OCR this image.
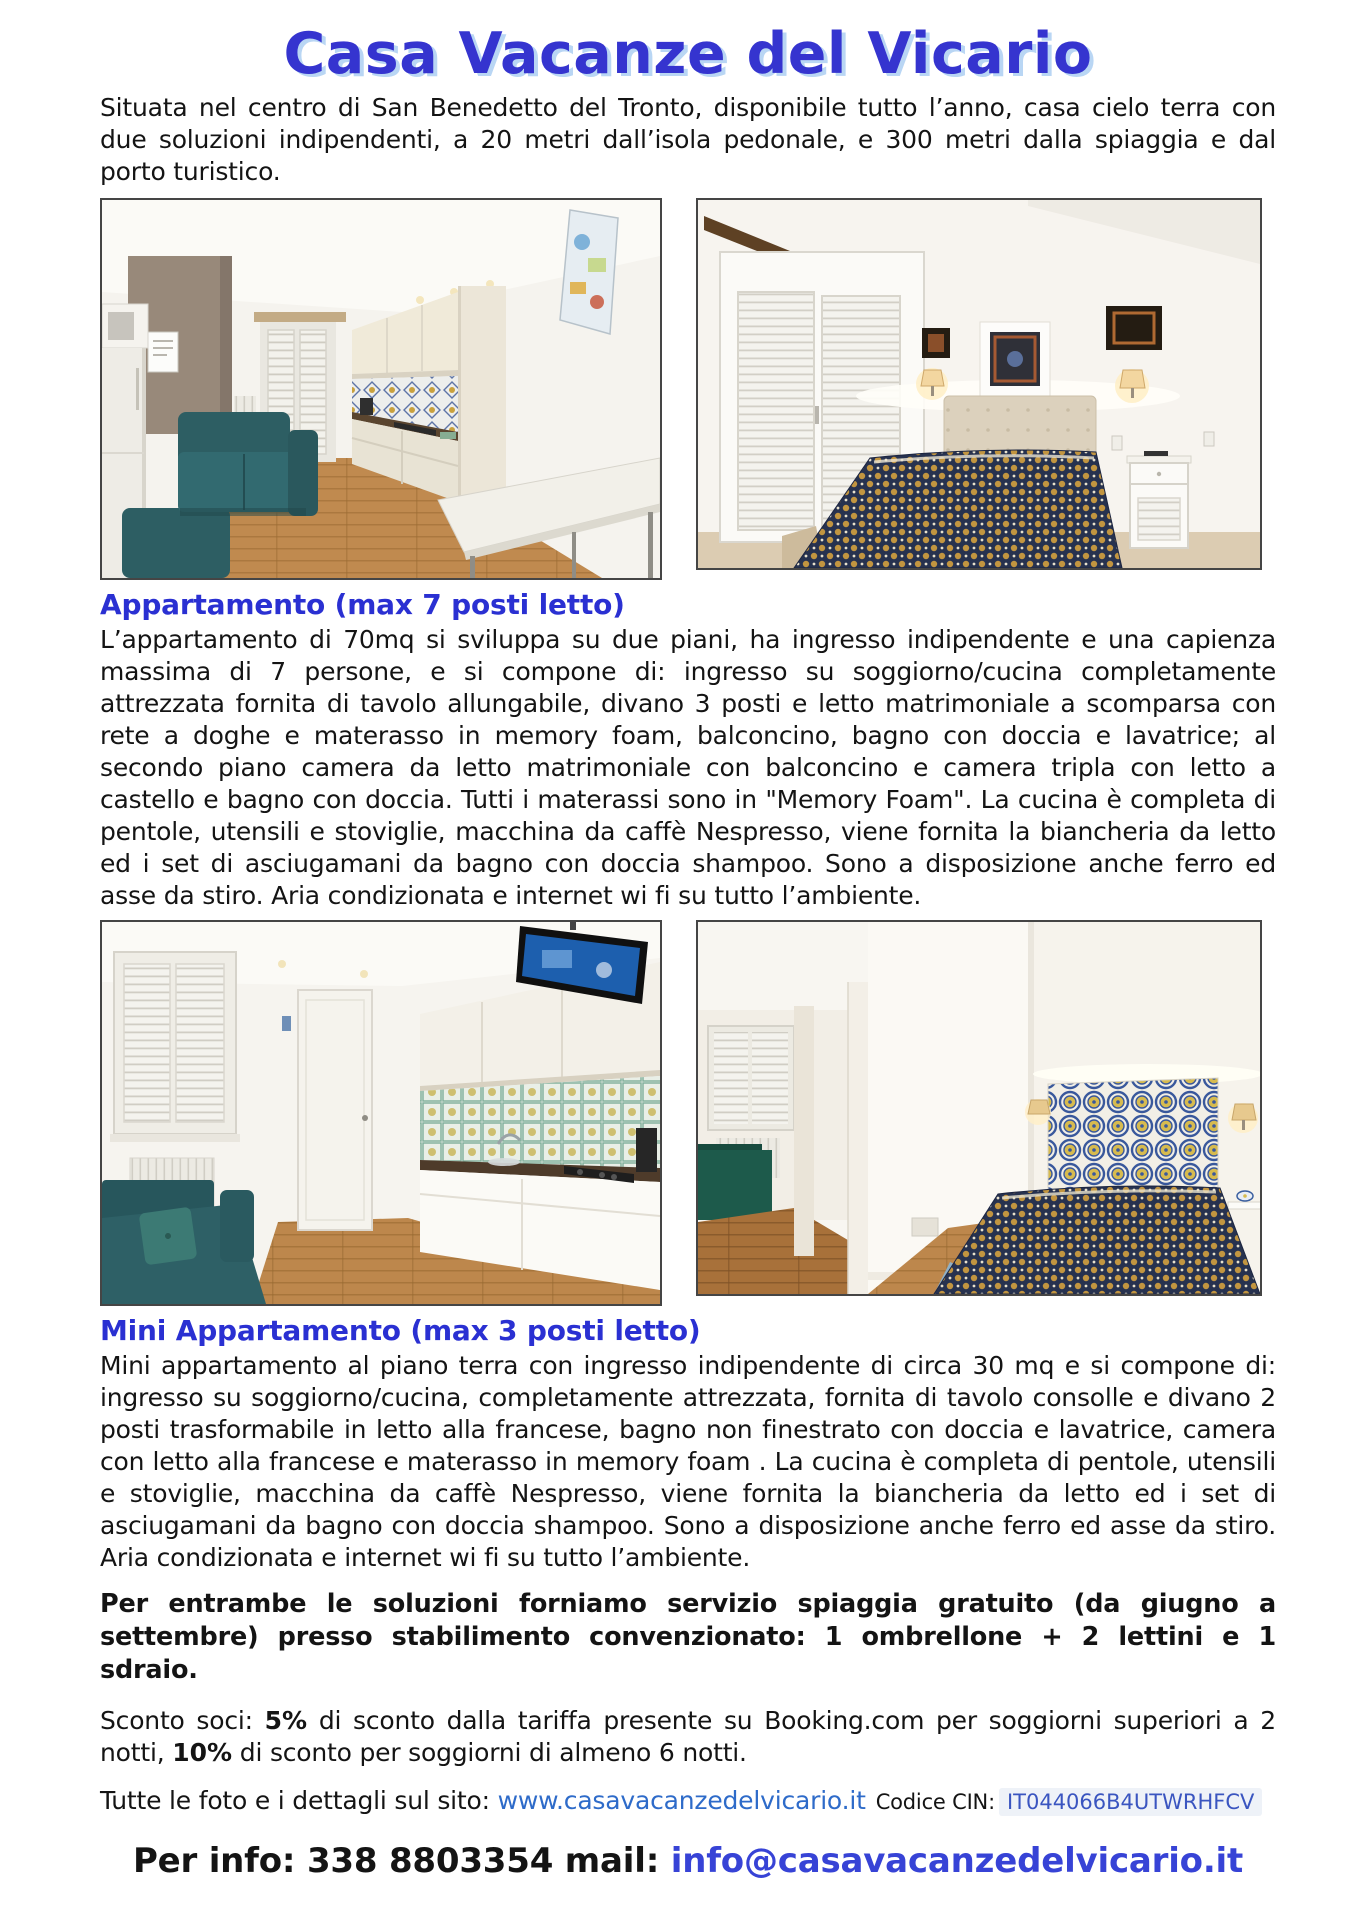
Casa Vacanze del Vicario

Situata nel centro di San Benedetto del Tronto, disponibile tutto l’anno, casa cielo terra con due soluzioni indipendenti, a 20 metri dall’isola pedonale, e 300 metri dalla spiaggia e dal porto turistico.

Appartamento (max 7 posti letto)

L’appartamento di 70mq si sviluppa su due piani, ha ingresso indipendente e una capienza massima di 7 persone, e si compone di: ingresso su soggiorno/cucina completamente attrezzata fornita di tavolo allungabile, divano 3 posti e letto matrimoniale a scomparsa con rete a doghe e materasso in memory foam, balconcino, bagno con doccia e lavatrice; al secondo piano camera da letto matrimoniale con balconcino e camera tripla con letto a castello e bagno con doccia. Tutti i materassi sono in "Memory Foam". La cucina è completa di pentole, utensili e stoviglie, macchina da caffè Nespresso, viene fornita la biancheria da letto ed i set di asciugamani da bagno con doccia shampoo. Sono a disposizione anche ferro ed asse da stiro. Aria condizionata e internet wi fi su tutto l’ambiente.

Mini Appartamento (max 3 posti letto)

Mini appartamento al piano terra con ingresso indipendente di circa 30 mq e si compone di: ingresso su soggiorno/cucina, completamente attrezzata, fornita di tavolo consolle e divano 2 posti trasformabile in letto alla francese, bagno non finestrato con doccia e lavatrice, camera con letto alla francese e materasso in memory foam . La cucina è completa di pentole, utensili e stoviglie, macchina da caffè Nespresso, viene fornita la biancheria da letto ed i set di asciugamani da bagno con doccia shampoo. Sono a disposizione anche ferro ed asse da stiro. Aria condizionata e internet wi fi su tutto l’ambiente.

Per entrambe le soluzioni forniamo servizio spiaggia gratuito (da giugno a settembre) presso stabilimento convenzionato: 1 ombrellone + 2 lettini e 1 sdraio.

Sconto soci: 5% di sconto dalla tariffa presente su Booking.com per soggiorni superiori a 2 notti, 10% di sconto per soggiorni di almeno 6 notti.

Tutte le foto e i dettagli sul sito: www.casavacanzedelvicario.it Codice CIN: IT044066B4UTWRHFCV

Per info: 338 8803354 mail: info@casavacanzedelvicario.it
